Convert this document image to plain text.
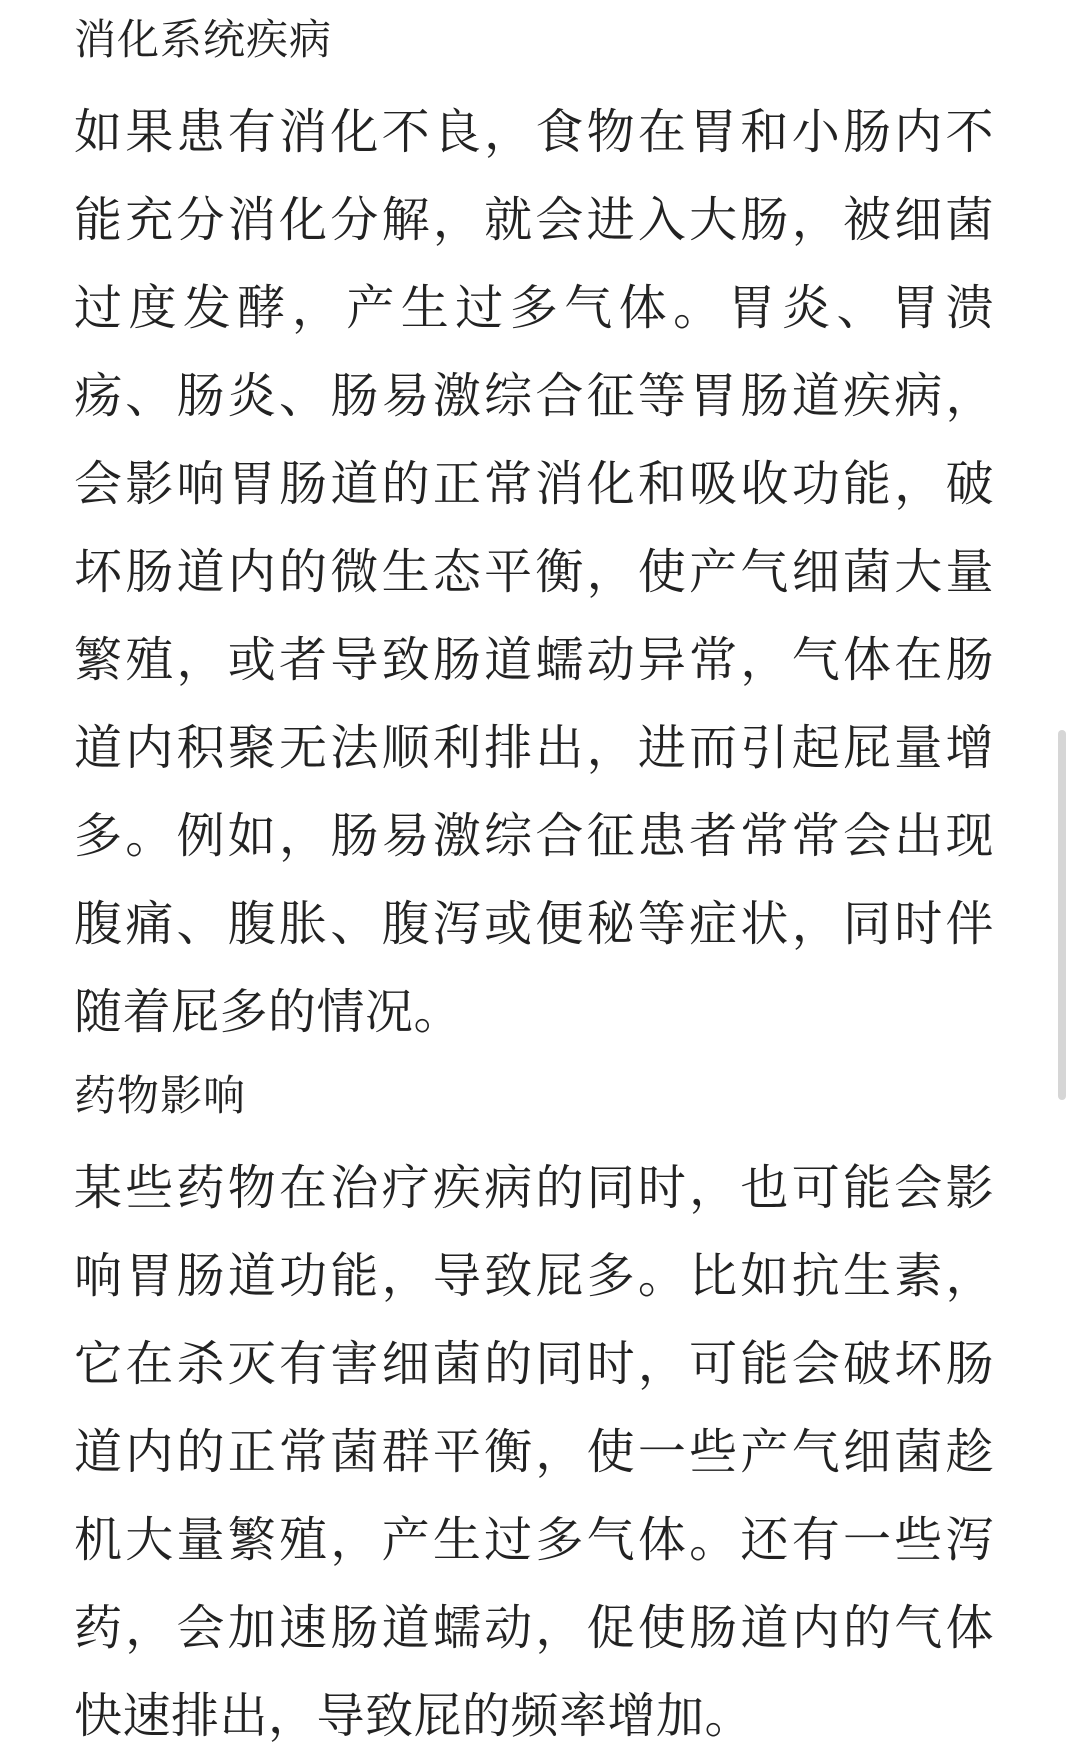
消化系统疾病

如果患有消化不良，食物在胃和小肠内不能充分消化分解，就会进入大肠，被细菌过度发酵，产生过多气体。胃炎、胃溃疡、肠炎、肠易激综合征等胃肠道疾病，会影响胃肠道的正常消化和吸收功能，破坏肠道内的微生态平衡，使产气细菌大量繁殖，或者导致肠道蠕动异常，气体在肠道内积聚无法顺利排出，进而引起屁量增多。例如，肠易激综合征患者常常会出现腹痛、腹胀、腹泻或便秘等症状，同时伴随着屁多的情况。

药物影响

某些药物在治疗疾病的同时，也可能会影响胃肠道功能，导致屁多。比如抗生素，它在杀灭有害细菌的同时，可能会破坏肠道内的正常菌群平衡，使一些产气细菌趁机大量繁殖，产生过多气体。还有一些泻药，会加速肠道蠕动，促使肠道内的气体快速排出，导致屁的频率增加。
